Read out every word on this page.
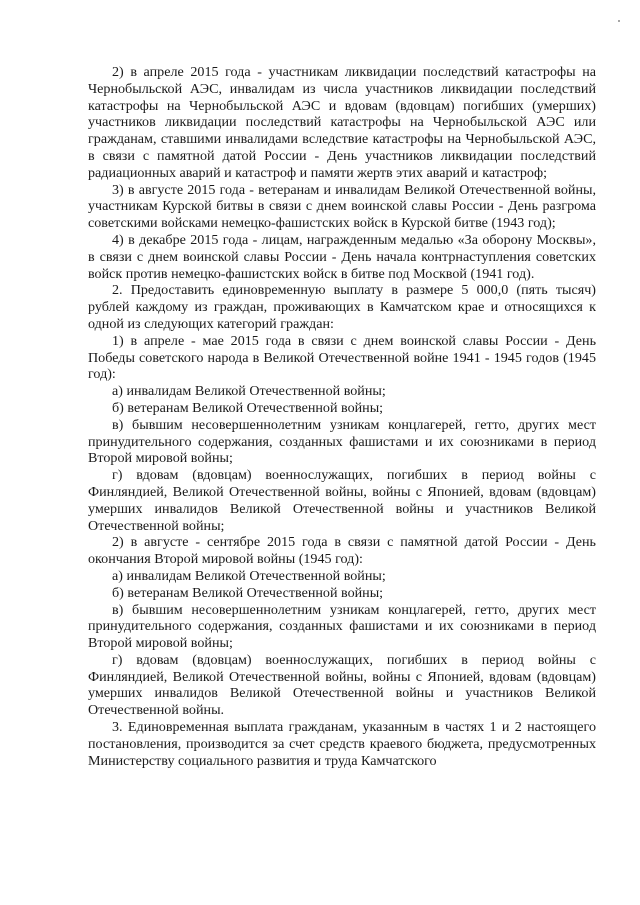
2) в апреле 2015 года - участникам ликвидации последствий катастрофы на Чернобыльской АЭС, инвалидам из числа участников ликвидации последствий катастрофы на Чернобыльской АЭС и вдовам (вдовцам) погибших (умерших) участников ликвидации последствий катастрофы на Чернобыльской АЭС или гражданам, ставшими инвалидами вследствие катастрофы на Чернобыльской АЭС, в связи с памятной датой России - День участников ликвидации последствий радиационных аварий и катастроф и памяти жертв этих аварий и катастроф;

3) в августе 2015 года - ветеранам и инвалидам Великой Отечественной войны, участникам Курской битвы в связи с днем воинской славы России - День разгрома советскими войсками немецко-фашистских войск в Курской битве (1943 год);

4) в декабре 2015 года - лицам, награжденным медалью «За оборону Москвы», в связи с днем воинской славы России - День начала контрнаступления советских войск против немецко-фашистских войск в битве под Москвой (1941 год).

2. Предоставить единовременную выплату в размере 5 000,0 (пять тысяч) рублей каждому из граждан, проживающих в Камчатском крае и относящихся к одной из следующих категорий граждан:

1) в апреле - мае 2015 года в связи с днем воинской славы России - День Победы советского народа в Великой Отечественной войне 1941 - 1945 годов (1945 год):

а) инвалидам Великой Отечественной войны;

б) ветеранам Великой Отечественной войны;

в) бывшим несовершеннолетним узникам концлагерей, гетто, других мест принудительного содержания, созданных фашистами и их союзниками в период Второй мировой войны;

г) вдовам (вдовцам) военнослужащих, погибших в период войны с Финляндией, Великой Отечественной войны, войны с Японией, вдовам (вдовцам) умерших инвалидов Великой Отечественной войны и участников Великой Отечественной войны;

2) в августе - сентябре 2015 года в связи с памятной датой России - День окончания Второй мировой войны (1945 год):

а) инвалидам Великой Отечественной войны;

б) ветеранам Великой Отечественной войны;

в) бывшим несовершеннолетним узникам концлагерей, гетто, других мест принудительного содержания, созданных фашистами и их союзниками в период Второй мировой войны;

г) вдовам (вдовцам) военнослужащих, погибших в период войны с Финляндией, Великой Отечественной войны, войны с Японией, вдовам (вдовцам) умерших инвалидов Великой Отечественной войны и участников Великой Отечественной войны.

3. Единовременная выплата гражданам, указанным в частях 1 и 2 настоящего постановления, производится за счет средств краевого бюджета, предусмотренных Министерству социального развития и труда Камчатского
